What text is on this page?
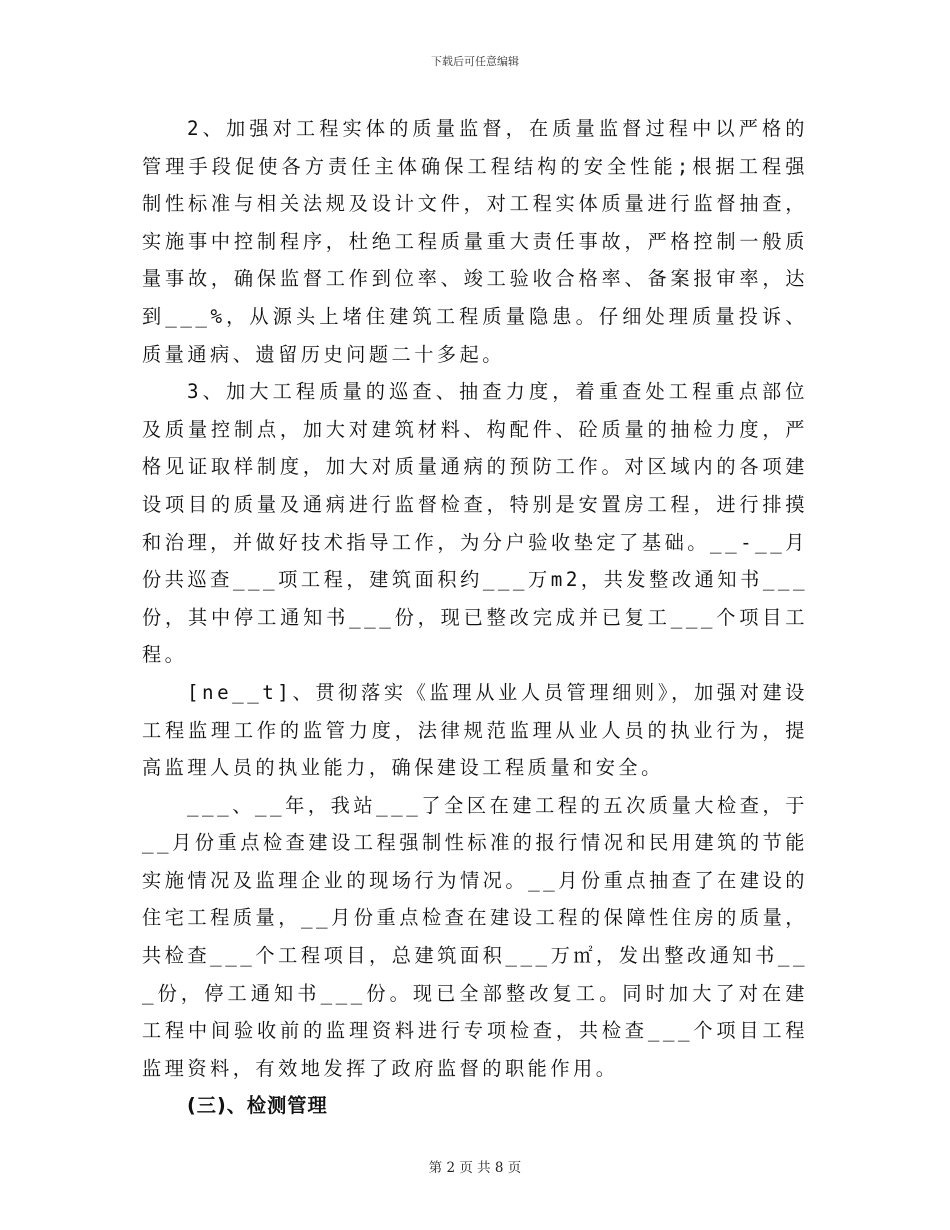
下载后可任意编辑

2、加强对工程实体的质量监督，在质量监督过程中以严格的管理手段促使各方责任主体确保工程结构的安全性能;根据工程强制性标准与相关法规及设计文件，对工程实体质量进行监督抽查，实施事中控制程序，杜绝工程质量重大责任事故，严格控制一般质量事故，确保监督工作到位率、竣工验收合格率、备案报审率，达到___%，从源头上堵住建筑工程质量隐患。仔细处理质量投诉、质量通病、遗留历史问题二十多起。

3、加大工程质量的巡查、抽查力度，着重查处工程重点部位及质量控制点，加大对建筑材料、构配件、砼质量的抽检力度，严格见证取样制度，加大对质量通病的预防工作。对区域内的各项建设项目的质量及通病进行监督检查，特别是安置房工程，进行排摸和治理，并做好技术指导工作，为分户验收垫定了基础。__-__月份共巡查___项工程，建筑面积约___万m2，共发整改通知书___份，其中停工通知书___份，现已整改完成并已复工___个项目工程。

[ne__t]、贯彻落实《监理从业人员管理细则》，加强对建设工程监理工作的监管力度，法律规范监理从业人员的执业行为，提高监理人员的执业能力，确保建设工程质量和安全。

___、__年，我站___了全区在建工程的五次质量大检查，于__月份重点检查建设工程强制性标准的报行情况和民用建筑的节能实施情况及监理企业的现场行为情况。__月份重点抽查了在建设的住宅工程质量，__月份重点检查在建设工程的保障性住房的质量，共检查___个工程项目，总建筑面积___万㎡，发出整改通知书___份，停工通知书___份。现已全部整改复工。同时加大了对在建工程中间验收前的监理资料进行专项检查，共检查___个项目工程监理资料，有效地发挥了政府监督的职能作用。

(三)、检测管理

第 2 页 共 8 页
